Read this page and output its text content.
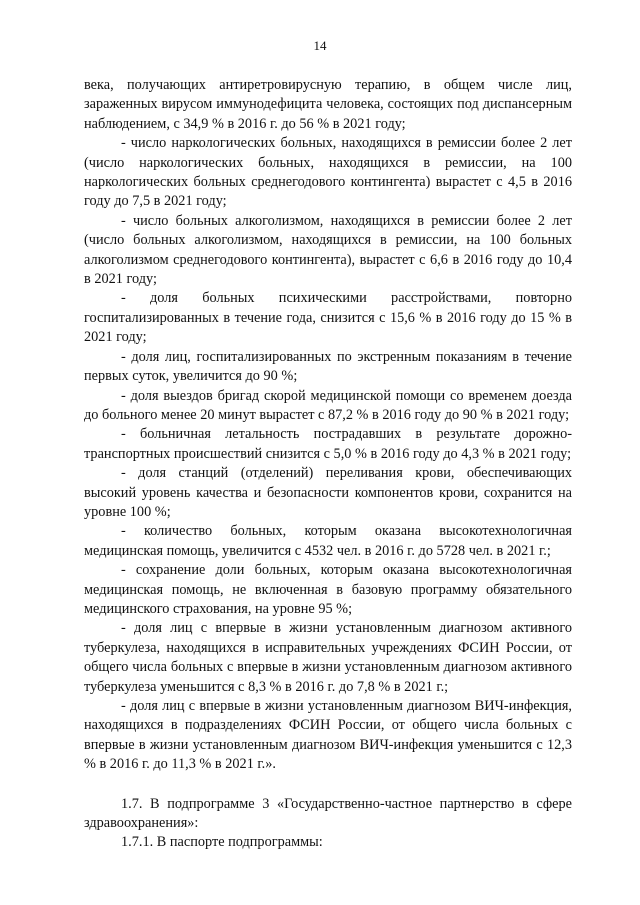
14

века, получающих антиретровирусную терапию, в общем числе лиц, зараженных вирусом иммунодефицита человека, состоящих под диспансерным наблюдением, с 34,9 % в 2016 г. до 56 % в 2021 году;

- число наркологических больных, находящихся в ремиссии более 2 лет (число наркологических больных, находящихся в ремиссии, на 100 наркологических больных среднегодового контингента) вырастет с 4,5 в 2016 году до 7,5 в 2021 году;

- число больных алкоголизмом, находящихся в ремиссии более 2 лет (число больных алкоголизмом, находящихся в ремиссии, на 100 больных алкоголизмом среднегодового контингента), вырастет с 6,6 в 2016 году до 10,4 в 2021 году;

- доля больных психическими расстройствами, повторно госпитализированных в течение года, снизится с 15,6 % в 2016 году до 15 % в 2021 году;

- доля лиц, госпитализированных по экстренным показаниям в течение первых суток, увеличится до 90 %;

- доля выездов бригад скорой медицинской помощи со временем доезда до больного менее 20 минут вырастет с 87,2 % в 2016 году до 90 % в 2021 году;

- больничная летальность пострадавших в результате дорожно-транспортных происшествий снизится с 5,0 % в 2016 году до 4,3 % в 2021 году;

- доля станций (отделений) переливания крови, обеспечивающих высокий уровень качества и безопасности компонентов крови, сохранится на уровне 100 %;

- количество больных, которым оказана высокотехнологичная медицинская помощь, увеличится с 4532 чел. в 2016 г. до 5728 чел. в 2021 г.;

- сохранение доли больных, которым оказана высокотехнологичная медицинская помощь, не включенная в базовую программу обязательного медицинского страхования, на уровне 95 %;

- доля лиц с впервые в жизни установленным диагнозом активного туберкулеза, находящихся в исправительных учреждениях ФСИН России, от общего числа больных с впервые в жизни установленным диагнозом активного туберкулеза уменьшится с 8,3 % в 2016 г. до 7,8 % в 2021 г.;

- доля лиц с впервые в жизни установленным диагнозом ВИЧ-инфекция, находящихся в подразделениях ФСИН России, от общего числа больных с впервые в жизни установленным диагнозом ВИЧ-инфекция уменьшится с 12,3 % в 2016 г. до 11,3 % в 2021 г.».

1.7. В подпрограмме 3 «Государственно-частное партнерство в сфере здравоохранения»:

1.7.1. В паспорте подпрограммы:
